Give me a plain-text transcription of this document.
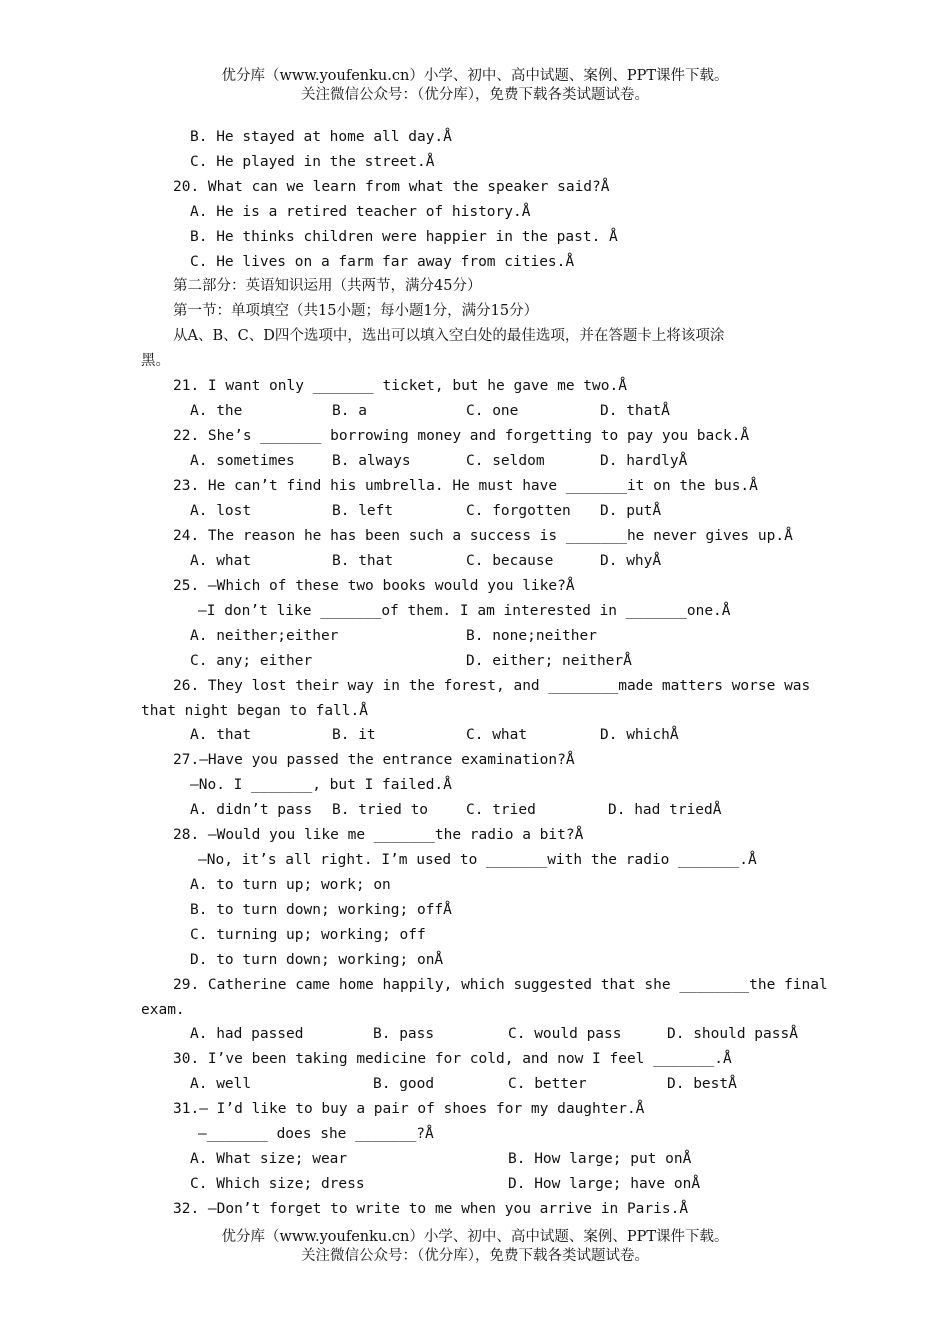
优分库（www.youfenku.cn）小学、初中、高中试题、案例、PPT课件下载。
关注微信公众号：（优分库），免费下载各类试题试卷。
B. He stayed at home all day.Å
C. He played in the street.Å
20. What can we learn from what the speaker said?Å
A. He is a retired teacher of history.Å
B. He thinks children were happier in the past. Å
C. He lives on a farm far away from cities.Å
第二部分：英语知识运用（共两节，满分45分）
第一节：单项填空（共15小题；每小题1分，满分15分）
从A、B、C、D四个选项中，选出可以填入空白处的最佳选项，并在答题卡上将该项涂
黑。
21. I want only _______ ticket, but he gave me two.Å
A. the	B. a	C. one	D. thatÅ
22. She’s _______ borrowing money and forgetting to pay you back.Å
A. sometimes	B. always	C. seldom	D. hardlyÅ
23. He can’t find his umbrella. He must have _______it on the bus.Å
A. lost	B. left	C. forgotten D. putÅ
24. The reason he has been such a success is _______he never gives up.Å
A. what	B. that	C. because	D. whyÅ
25. —Which of these two books would you like?Å
—I don’t like _______of them. I am interested in _______one.Å
A. neither;either	B. none;neither
C. any; either	D. either; neitherÅ
26. They lost their way in the forest, and ________made matters worse was
that night began to fall.Å
A. that	B. it	C. what	D. whichÅ
27.—Have you passed the entrance examination?Å
—No. I _______, but I failed.Å
A. didn’t pass B. tried to	C. tried	D. had triedÅ
28. —Would you like me _______the radio a bit?Å
—No, it’s all right. I’m used to _______with the radio _______.Å
A. to turn up; work; on
B. to turn down; working; offÅ
C. turning up; working; off
D. to turn down; working; onÅ
29. Catherine came home happily, which suggested that she ________the final
exam.
A. had passed	B. pass	C. would pass	D. should passÅ
30. I’ve been taking medicine for cold, and now I feel _______.Å
A. well	B. good	C. better	D. bestÅ
31.— I’d like to buy a pair of shoes for my daughter.Å
—_______ does she _______?Å
A. What size; wear	B. How large; put onÅ
C. Which size; dress	D. How large; have onÅ
32. —Don’t forget to write to me when you arrive in Paris.Å
优分库（www.youfenku.cn）小学、初中、高中试题、案例、PPT课件下载。
关注微信公众号：（优分库），免费下载各类试题试卷。
